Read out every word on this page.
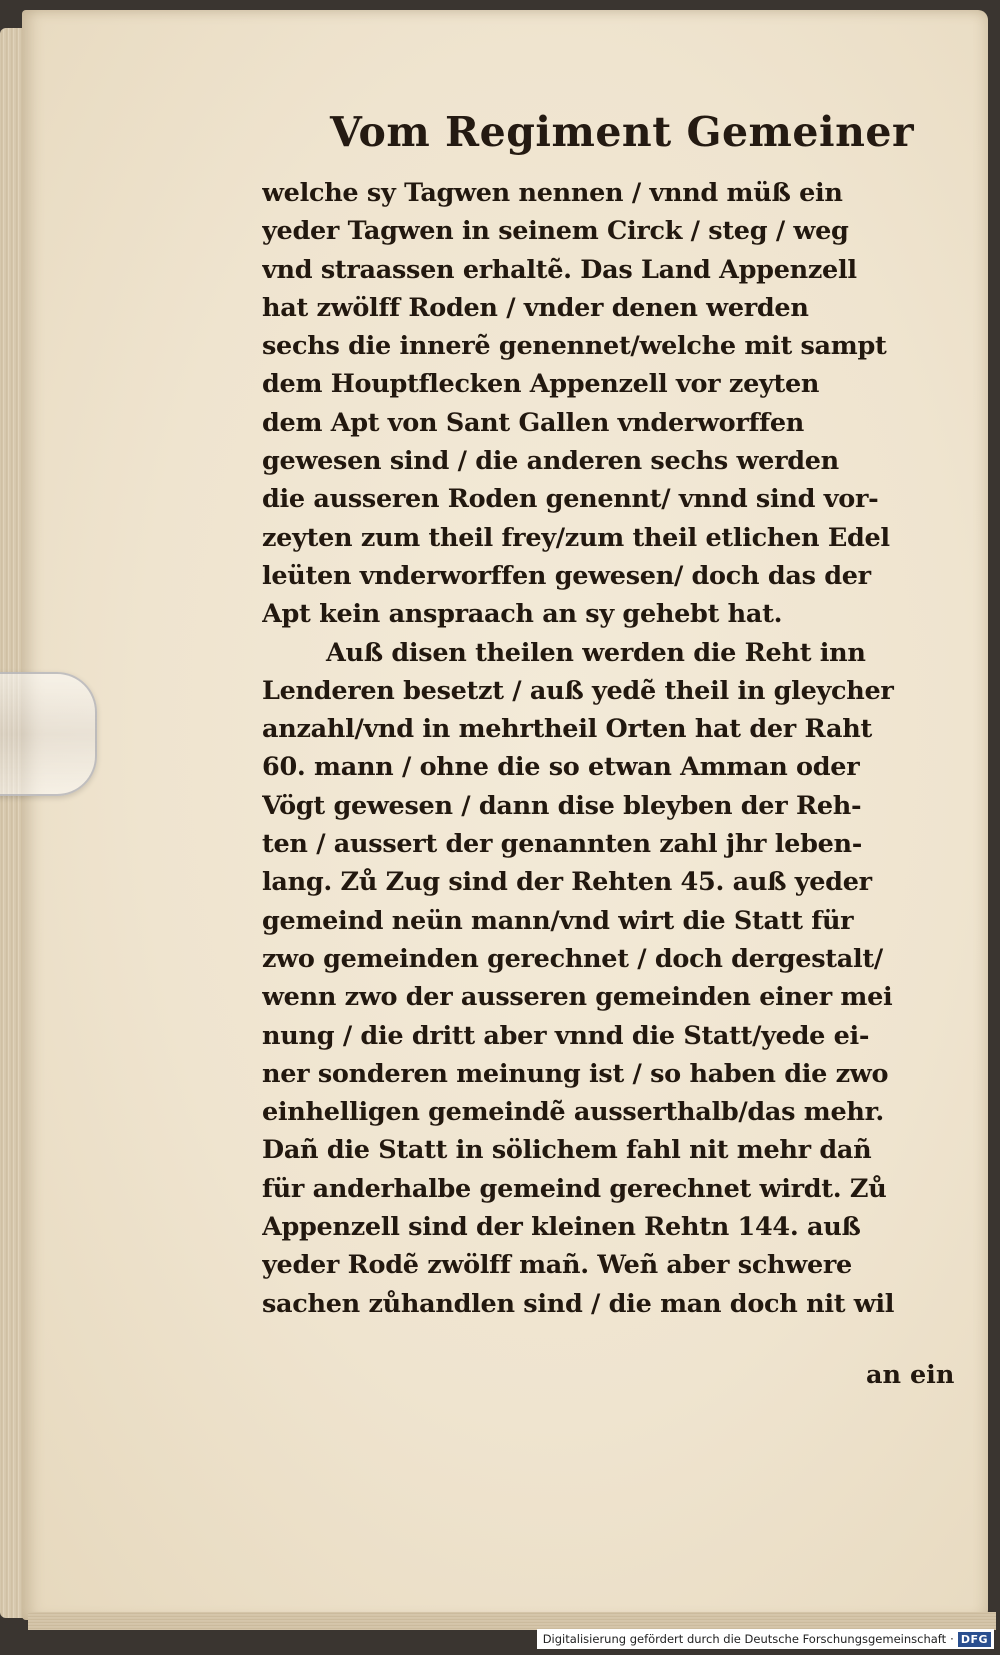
Vom Regiment Gemeiner
welche sy Tagwen nennen / vnnd müß ein
yeder Tagwen in seinem Circk / steg / weg
vnd straassen erhaltẽ. Das Land Appenzell
hat zwölff Roden / vnder denen werden
sechs die innerẽ genennet/welche mit sampt
dem Houptflecken Appenzell vor zeyten
dem Apt von Sant Gallen vnderworffen
gewesen sind / die anderen sechs werden
die ausseren Roden genennt/ vnnd sind vor-
zeyten zum theil frey/zum theil etlichen Edel
leüten vnderworffen gewesen/ doch das der
Apt kein anspraach an sy gehebt hat.
Auß disen theilen werden die Reht inn
Lenderen besetzt / auß yedẽ theil in gleycher
anzahl/vnd in mehrtheil Orten hat der Raht
60. mann / ohne die so etwan Amman oder
Vögt gewesen / dann dise bleyben der Reh-
ten / aussert der genannten zahl jhr leben-
lang. Zů Zug sind der Rehten 45. auß yeder
gemeind neün mann/vnd wirt die Statt für
zwo gemeinden gerechnet / doch dergestalt/
wenn zwo der ausseren gemeinden einer mei
nung / die dritt aber vnnd die Statt/yede ei-
ner sonderen meinung ist / so haben die zwo
einhelligen gemeindẽ ausserthalb/das mehr.
Dañ die Statt in sölichem fahl nit mehr dañ
für anderhalbe gemeind gerechnet wirdt. Zů
Appenzell sind der kleinen Rehtn 144. auß
yeder Rodẽ zwölff mañ. Weñ aber schwere
sachen zůhandlen sind / die man doch nit wil
an ein
Digitalisierung gefördert durch die Deutsche Forschungsgemeinschaft · DFG
